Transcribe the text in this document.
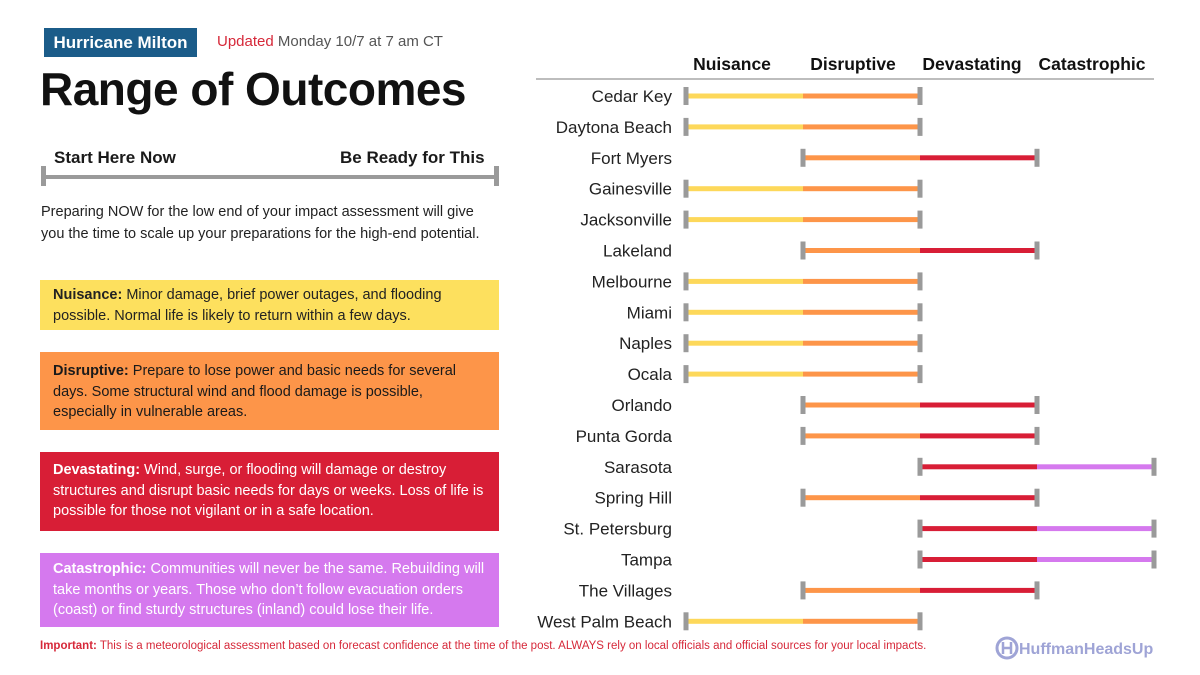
Hurricane Milton	Updated Monday 10/7 at 7 am CT
Range of Outcomes
Start Here Now	Be Ready for This
Preparing NOW for the low end of your impact assessment will give you the time to scale up your preparations for the high-end potential.
Nuisance: Minor damage, brief power outages, and flooding possible. Normal life is likely to return within a few days.
Disruptive: Prepare to lose power and basic needs for several days. Some structural wind and flood damage is possible, especially in vulnerable areas.
Devastating: Wind, surge, or flooding will damage or destroy structures and disrupt basic needs for days or weeks. Loss of life is possible for those not vigilant or in a safe location.
Catastrophic: Communities will never be the same. Rebuilding will take months or years. Those who don’t follow evacuation orders (coast) or find sturdy structures (inland) could lose their life.
Important: This is a meteorological assessment based on forecast confidence at the time of the post. ALWAYS rely on local officials and official sources for your local impacts.	HuffmanHeadsUp
Nuisance Disruptive Devastating Catastrophic
Cedar Key
Daytona Beach
Fort Myers
Gainesville
Jacksonville
Lakeland
Melbourne
Miami
Naples
Ocala
Orlando
Punta Gorda
Sarasota
Spring Hill
St. Petersburg
Tampa
The Villages
West Palm Beach
